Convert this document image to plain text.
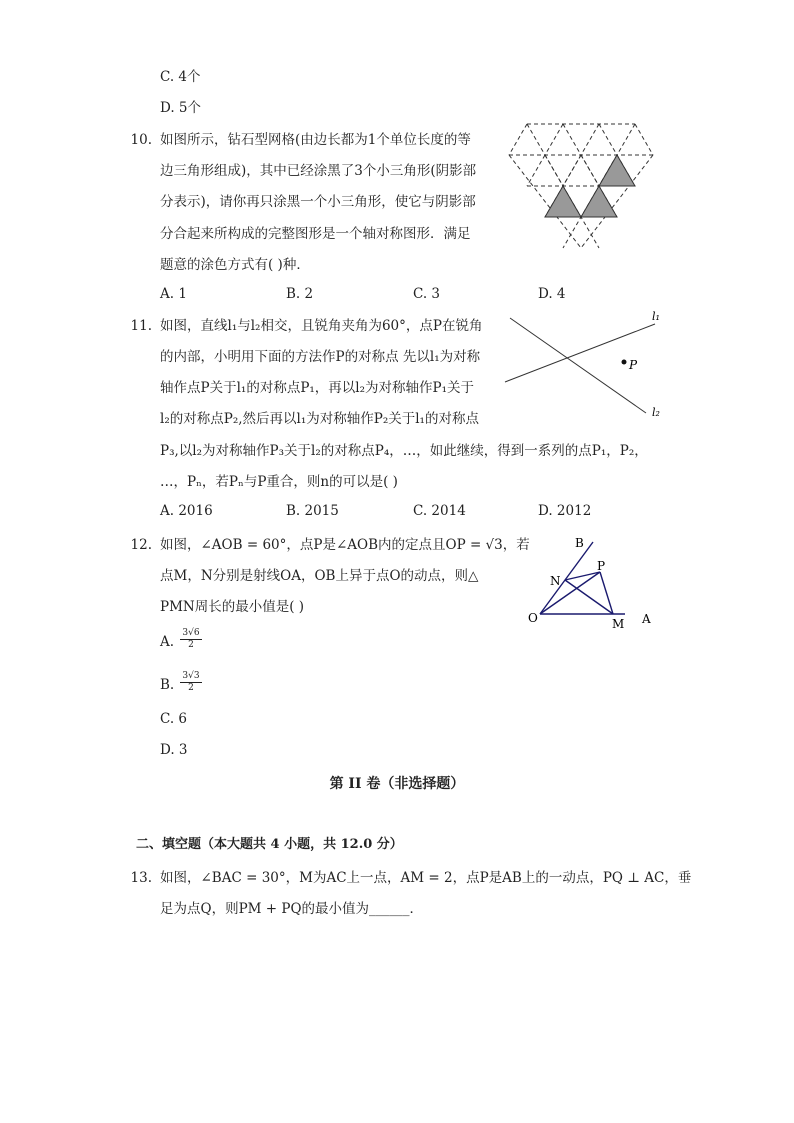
C. 4个
D. 5个
10. 如图所示，钻石型网格(由边长都为1个单位长度的等
边三角形组成)，其中已经涂黑了3个小三角形(阴影部
分表示)，请你再只涂黑一个小三角形，使它与阴影部
分合起来所构成的完整图形是一个轴对称图形．满足
题意的涂色方式有( )种．
A. 1	B. 2	C. 3	D. 4
11. 如图，直线l₁与l₂相交，且锐角夹角为60°，点P在锐角
的内部，小明用下面的方法作P的对称点 先以l₁为对称
轴作点P关于l₁的对称点P₁，再以l₂为对称轴作P₁关于
l₂的对称点P₂,然后再以l₁为对称轴作P₂关于l₁的对称点
P₃,以l₂为对称轴作P₃关于l₂的对称点P₄，…，如此继续，得到一系列的点P₁，P₂，
…，Pₙ，若Pₙ与P重合，则n的可以是( )
l₁
l₂
P
A. 2016	B. 2015	C. 2014	D. 2012
12. 如图，∠AOB = 60°，点P是∠AOB内的定点且OP = √3，若
点M，N分别是射线OA，OB上异于点O的动点，则△
PMN周长的最小值是( )
O	A
B
M
N
P
A. $\frac{3√6}{2}$
B. $\frac{3√3}{2}$
C. 6
D. 3
第 II 卷（非选择题）
二、填空题（本大题共 4 小题，共 12.0 分）
13. 如图，∠BAC = 30°，M为AC上一点，AM = 2，点P是AB上的一动点，PQ ⊥ AC，垂
足为点Q，则PM + PQ的最小值为______．
